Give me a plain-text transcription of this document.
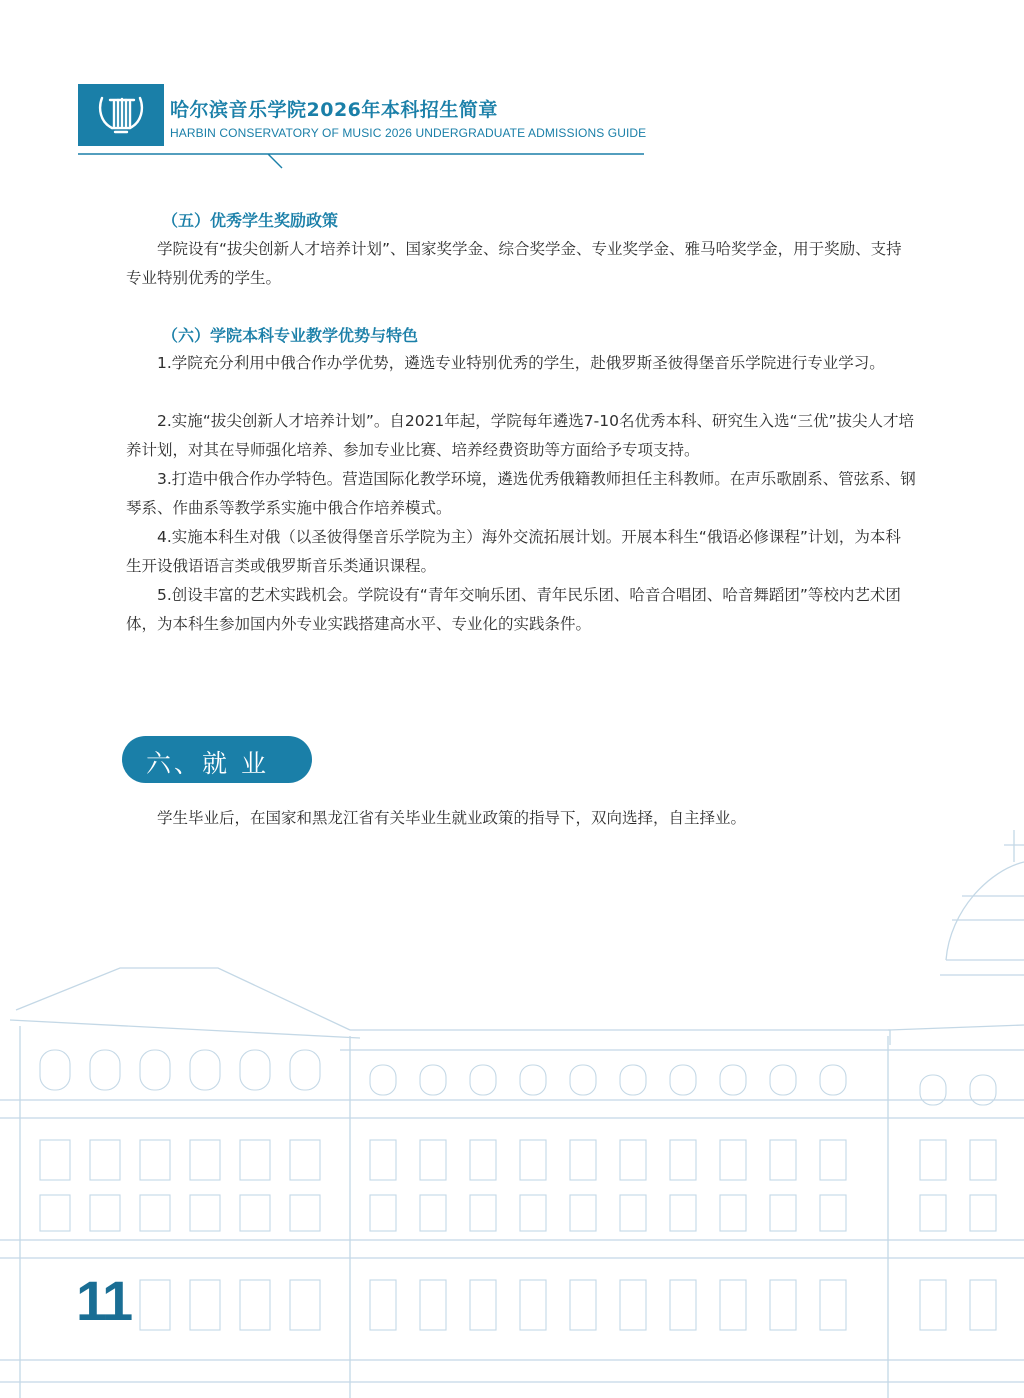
哈尔滨音乐学院2026年本科招生简章
HARBIN CONSERVATORY OF MUSIC 2026 UNDERGRADUATE ADMISSIONS GUIDE
（五）优秀学生奖励政策
学院设有“拔尖创新人才培养计划”、国家奖学金、综合奖学金、专业奖学金、雅马哈奖学金，用于奖励、支持专业特别优秀的学生。
（六）学院本科专业教学优势与特色
1.学院充分利用中俄合作办学优势，遴选专业特别优秀的学生，赴俄罗斯圣彼得堡音乐学院进行专业学习。
2.实施“拔尖创新人才培养计划”。自2021年起，学院每年遴选7-10名优秀本科、研究生入选“三优”拔尖人才培养计划，对其在导师强化培养、参加专业比赛、培养经费资助等方面给予专项支持。
3.打造中俄合作办学特色。营造国际化教学环境，遴选优秀俄籍教师担任主科教师。在声乐歌剧系、管弦系、钢琴系、作曲系等教学系实施中俄合作培养模式。
4.实施本科生对俄（以圣彼得堡音乐学院为主）海外交流拓展计划。开展本科生“俄语必修课程”计划，为本科生开设俄语语言类或俄罗斯音乐类通识课程。
5.创设丰富的艺术实践机会。学院设有“青年交响乐团、青年民乐团、哈音合唱团、哈音舞蹈团”等校内艺术团体，为本科生参加国内外专业实践搭建高水平、专业化的实践条件。
六、就 业
学生毕业后，在国家和黑龙江省有关毕业生就业政策的指导下，双向选择，自主择业。
11
